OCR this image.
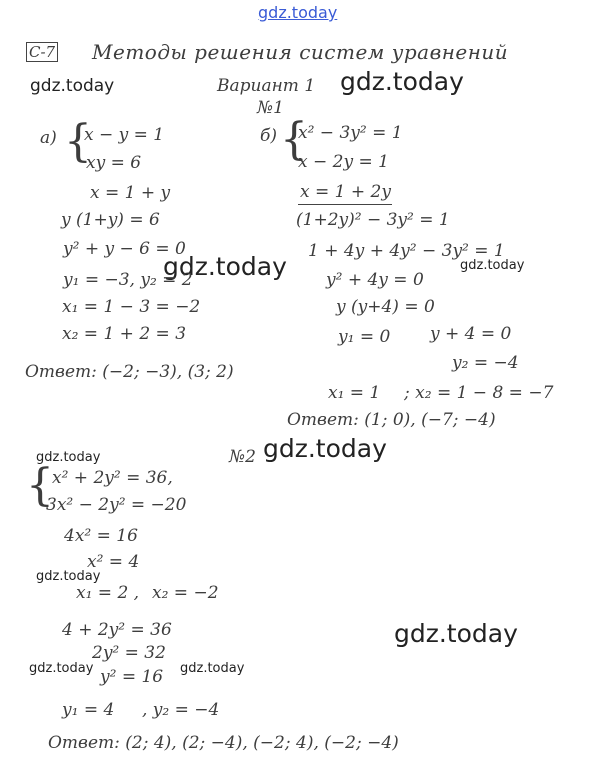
gdz.today
gdz.today	gdz.today
gdz.today	gdz.today
gdz.today
gdz.today
gdz.today
gdz.today
gdz.today	gdz.today
С-7 Методы решения систем уравнений
Вариант 1
№1
а) {
x − y = 1
xy = 6
x = 1 + y
y (1+y) = 6
y² + y − 6 = 0
y₁ = −3, y₂ = 2
x₁ = 1 − 3 = −2
x₂ = 1 + 2 = 3
Ответ: (−2; −3), (3; 2)
б) {
x² − 3y² = 1
x − 2y = 1
x = 1 + 2y
(1+2y)² − 3y² = 1
1 + 4y + 4y² − 3y² = 1
y² + 4y = 0
y (y+4) = 0
y₁ = 0 y + 4 = 0
y₂ = −4
x₁ = 1 ; x₂ = 1 − 8 = −7
Ответ: (1; 0), (−7; −4)
№2
{
x² + 2y² = 36,
3x² − 2y² = −20
4x² = 16
x² = 4
x₁ = 2 , x₂ = −2
4 + 2y² = 36
2y² = 32
y² = 16
y₁ = 4 , y₂ = −4
Ответ: (2; 4), (2; −4), (−2; 4), (−2; −4)
